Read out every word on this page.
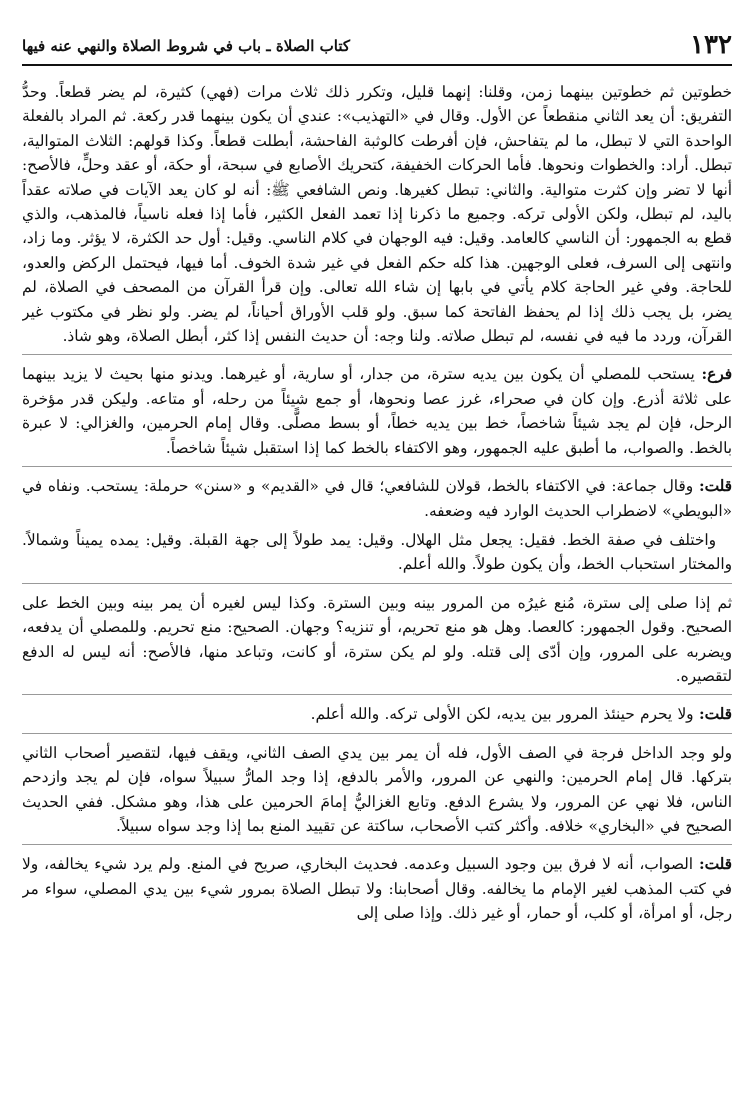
١٣٢
كتاب الصلاة ـ باب في شروط الصلاة والنهي عنه فيها

خطوتين ثم خطوتين بينهما زمن، وقلنا: إنهما قليل، وتكرر ذلك ثلاث مرات (فهي) كثيرة، لم يضر قطعاً. وحدُّ التفريق: أن يعد الثاني منقطعاً عن الأول. وقال في «التهذيب»: عندي أن يكون بينهما قدر ركعة. ثم المراد بالفعلة الواحدة التي لا تبطل، ما لم يتفاحش، فإن أفرطت كالوثبة الفاحشة، أبطلت قطعاً. وكذا قولهم: الثلاث المتوالية، تبطل. أراد: والخطوات ونحوها. فأما الحركات الخفيفة، كتحريك الأصابع في سبحة، أو حكة، أو عقد وحلٍّ، فالأصح: أنها لا تضر وإن كثرت متوالية. والثاني: تبطل كغيرها. ونص الشافعي ﷺ: أنه لو كان يعد الآيات في صلاته عقداً باليد، لم تبطل، ولكن الأولى تركه. وجميع ما ذكرنا إذا تعمد الفعل الكثير، فأما إذا فعله ناسياً، فالمذهب، والذي قطع به الجمهور: أن الناسي كالعامد. وقيل: فيه الوجهان في كلام الناسي. وقيل: أول حد الكثرة، لا يؤثر. وما زاد، وانتهى إلى السرف، فعلى الوجهين. هذا كله حكم الفعل في غير شدة الخوف. أما فيها، فيحتمل الركض والعدو، للحاجة. وفي غير الحاجة كلام يأتي في بابها إن شاء الله تعالى. وإن قرأ القرآن من المصحف في الصلاة، لم يضر، بل يجب ذلك إذا لم يحفظ الفاتحة كما سبق. ولو قلب الأوراق أحياناً، لم يضر. ولو نظر في مكتوب غير القرآن، وردد ما فيه في نفسه، لم تبطل صلاته. ولنا وجه: أن حديث النفس إذا كثر، أبطل الصلاة، وهو شاذ.

فرع: يستحب للمصلي أن يكون بين يديه سترة، من جدار، أو سارية، أو غيرهما. ويدنو منها بحيث لا يزيد بينهما على ثلاثة أذرع. وإن كان في صحراء، غرز عصا ونحوها، أو جمع شيئاً من رحله، أو متاعه. وليكن قدر مؤخرة الرحل، فإن لم يجد شيئاً شاخصاً، خط بين يديه خطاً، أو بسط مصلًّى. وقال إمام الحرمين، والغزالي: لا عبرة بالخط. والصواب، ما أطبق عليه الجمهور، وهو الاكتفاء بالخط كما إذا استقبل شيئاً شاخصاً.

قلت: وقال جماعة: في الاكتفاء بالخط، قولان للشافعي؛ قال في «القديم» و «سنن» حرملة: يستحب. ونفاه في «البويطي» لاضطراب الحديث الوارد فيه وضعفه.

واختلف في صفة الخط. فقيل: يجعل مثل الهلال. وقيل: يمد طولاً إلى جهة القبلة. وقيل: يمده يميناً وشمالاً. والمختار استحباب الخط، وأن يكون طولاً. والله أعلم.

ثم إذا صلى إلى سترة، مُنع غيرُه من المرور بينه وبين السترة. وكذا ليس لغيره أن يمر بينه وبين الخط على الصحيح. وقول الجمهور: كالعصا. وهل هو منع تحريم، أو تنزيه؟ وجهان. الصحيح: منع تحريم. وللمصلي أن يدفعه، ويضربه على المرور، وإن أدّى إلى قتله. ولو لم يكن سترة، أو كانت، وتباعد منها، فالأصح: أنه ليس له الدفع لتقصيره.

قلت: ولا يحرم حينئذ المرور بين يديه، لكن الأولى تركه. والله أعلم.

ولو وجد الداخل فرجة في الصف الأول، فله أن يمر بين يدي الصف الثاني، ويقف فيها، لتقصير أصحاب الثاني بتركها. قال إمام الحرمين: والنهي عن المرور، والأمر بالدفع، إذا وجد المارُّ سبيلاً سواه، فإن لم يجد وازدحم الناس، فلا نهي عن المرور، ولا يشرع الدفع. وتابع الغزاليُّ إمامَ الحرمين على هذا، وهو مشكل. ففي الحديث الصحيح في «البخاري» خلافه. وأكثر كتب الأصحاب، ساكتة عن تقييد المنع بما إذا وجد سواه سبيلاً.

قلت: الصواب، أنه لا فرق بين وجود السبيل وعدمه. فحديث البخاري، صريح في المنع. ولم يرد شيء يخالفه، ولا في كتب المذهب لغير الإمام ما يخالفه. وقال أصحابنا: ولا تبطل الصلاة بمرور شيء بين يدي المصلي، سواء مر رجل، أو امرأة، أو كلب، أو حمار، أو غير ذلك. وإذا صلى إلى
